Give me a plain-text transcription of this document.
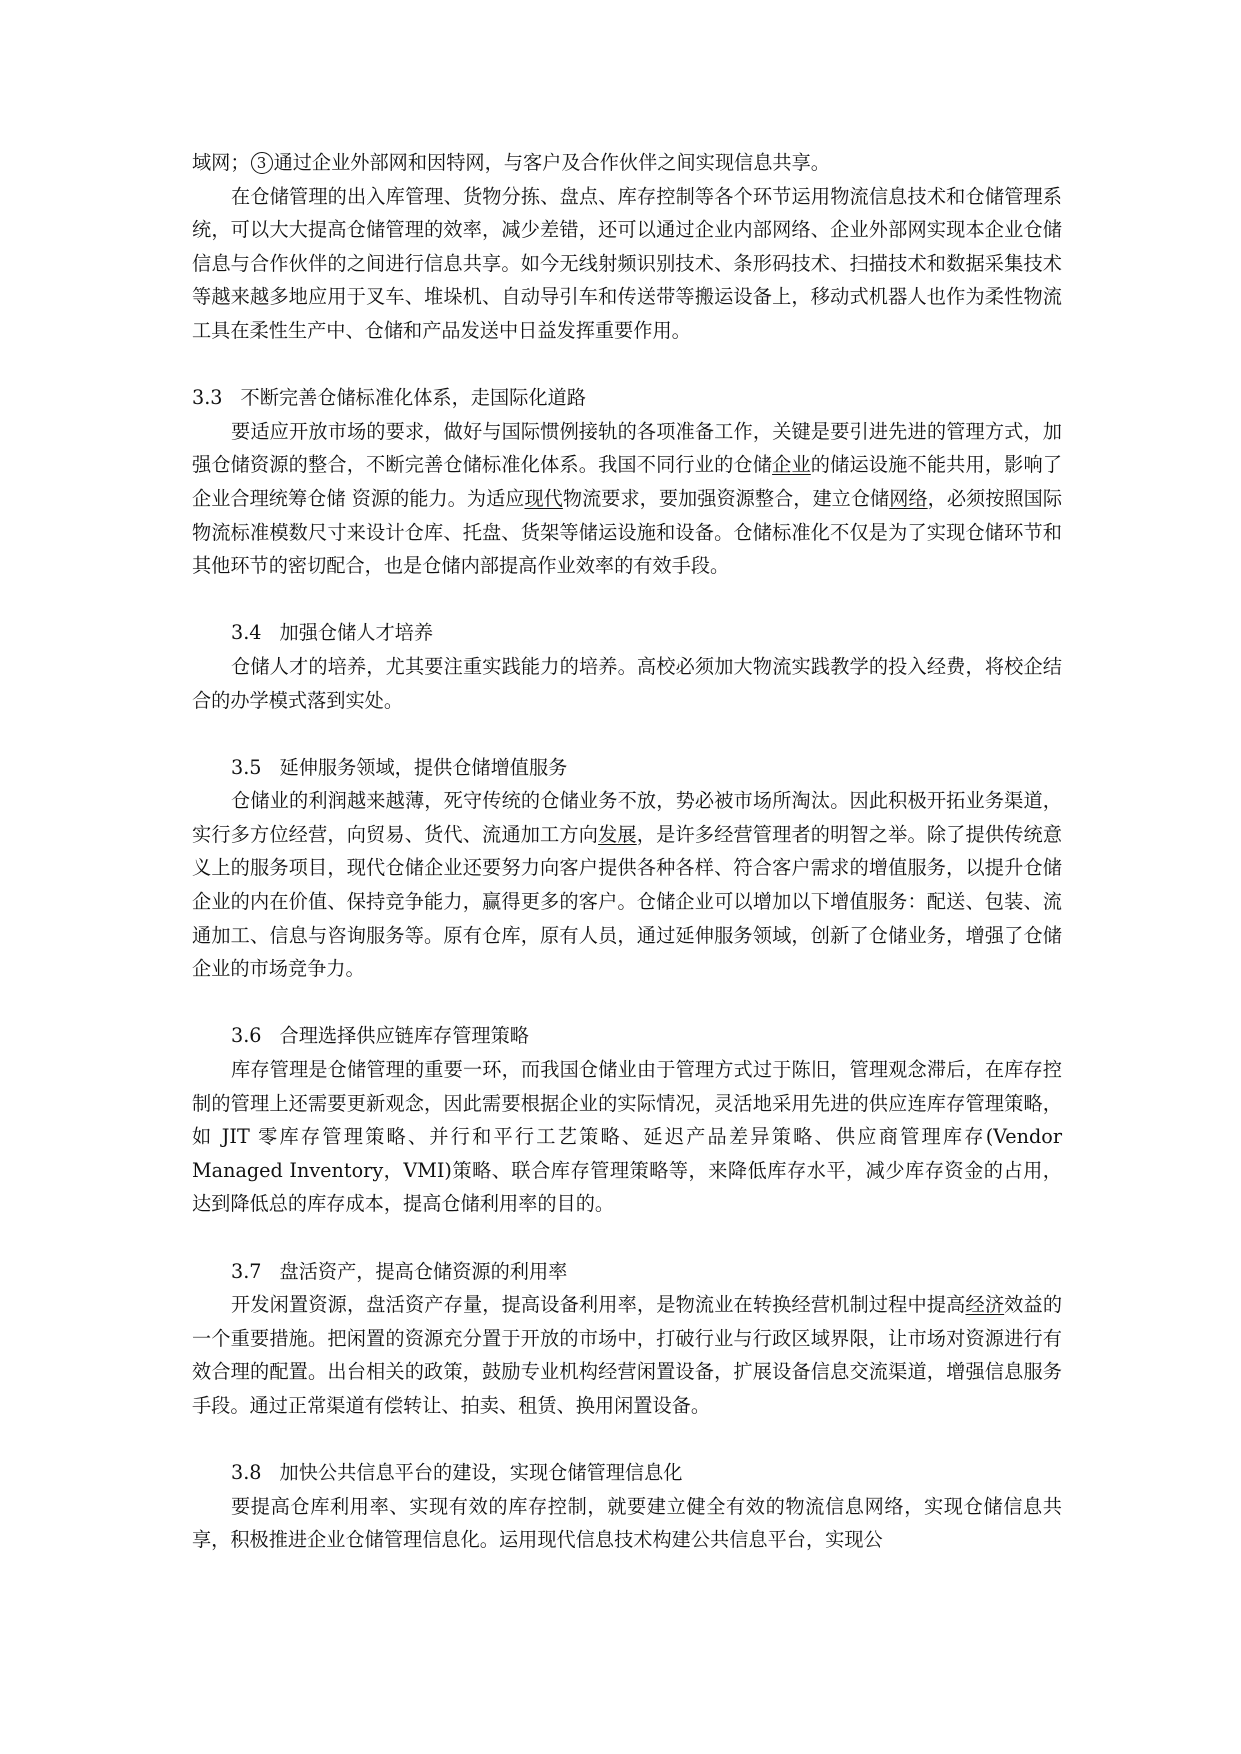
域网； 3 通过企业外部网和因特网，与客户及合作伙伴之间实现信息共享。

在仓储管理的出入库管理、货物分拣、盘点、库存控制等各个环节运用物流信息技术和仓储管理系统，可以大大提高仓储管理的效率，减少差错，还可以通过企业内部网络、企业外部网实现本企业仓储信息与合作伙伴的之间进行信息共享。如今无线射频识别技术、条形码技术、扫描技术和数据采集技术等越来越多地应用于叉车、堆垛机、自动导引车和传送带等搬运设备上，移动式机器人也作为柔性物流工具在柔性生产中、仓储和产品发送中日益发挥重要作用。

3.3 不断完善仓储标准化体系，走国际化道路

要适应开放市场的要求，做好与国际惯例接轨的各项准备工作，关键是要引进先进的管理方式，加强仓储资源的整合，不断完善仓储标准化体系。我国不同行业的仓储企业的储运设施不能共用，影响了企业合理统筹仓储 资源的能力。为适应现代物流要求，要加强资源整合，建立仓储网络，必须按照国际物流标准模数尺寸来设计仓库、托盘、货架等储运设施和设备。仓储标准化不仅是为了实现仓储环节和其他环节的密切配合，也是仓储内部提高作业效率的有效手段。

3.4 加强仓储人才培养

仓储人才的培养，尤其要注重实践能力的培养。高校必须加大物流实践教学的投入经费，将校企结合的办学模式落到实处。

3.5 延伸服务领域，提供仓储增值服务

仓储业的利润越来越薄，死守传统的仓储业务不放，势必被市场所淘汰。因此积极开拓业务渠道，实行多方位经营，向贸易、货代、流通加工方向发展，是许多经营管理者的明智之举。除了提供传统意义上的服务项目，现代仓储企业还要努力向客户提供各种各样、符合客户需求的增值服务，以提升仓储企业的内在价值、保持竞争能力，赢得更多的客户。仓储企业可以增加以下增值服务：配送、包装、流通加工、信息与咨询服务等。原有仓库，原有人员，通过延伸服务领域，创新了仓储业务，增强了仓储企业的市场竞争力。

3.6 合理选择供应链库存管理策略

库存管理是仓储管理的重要一环，而我国仓储业由于管理方式过于陈旧，管理观念滞后，在库存控制的管理上还需要更新观念，因此需要根据企业的实际情况，灵活地采用先进的供应连库存管理策略，如 JIT 零库存管理策略、并行和平行工艺策略、延迟产品差异策略、供应商管理库存(Vendor Managed Inventory，VMI)策略、联合库存管理策略等，来降低库存水平，减少库存资金的占用，达到降低总的库存成本，提高仓储利用率的目的。

3.7 盘活资产，提高仓储资源的利用率

开发闲置资源，盘活资产存量，提高设备利用率，是物流业在转换经营机制过程中提高经济效益的一个重要措施。把闲置的资源充分置于开放的市场中，打破行业与行政区域界限，让市场对资源进行有效合理的配置。出台相关的政策，鼓励专业机构经营闲置设备，扩展设备信息交流渠道，增强信息服务手段。通过正常渠道有偿转让、拍卖、租赁、换用闲置设备。

3.8 加快公共信息平台的建设，实现仓储管理信息化

要提高仓库利用率、实现有效的库存控制，就要建立健全有效的物流信息网络，实现仓储信息共享，积极推进企业仓储管理信息化。运用现代信息技术构建公共信息平台，实现公
